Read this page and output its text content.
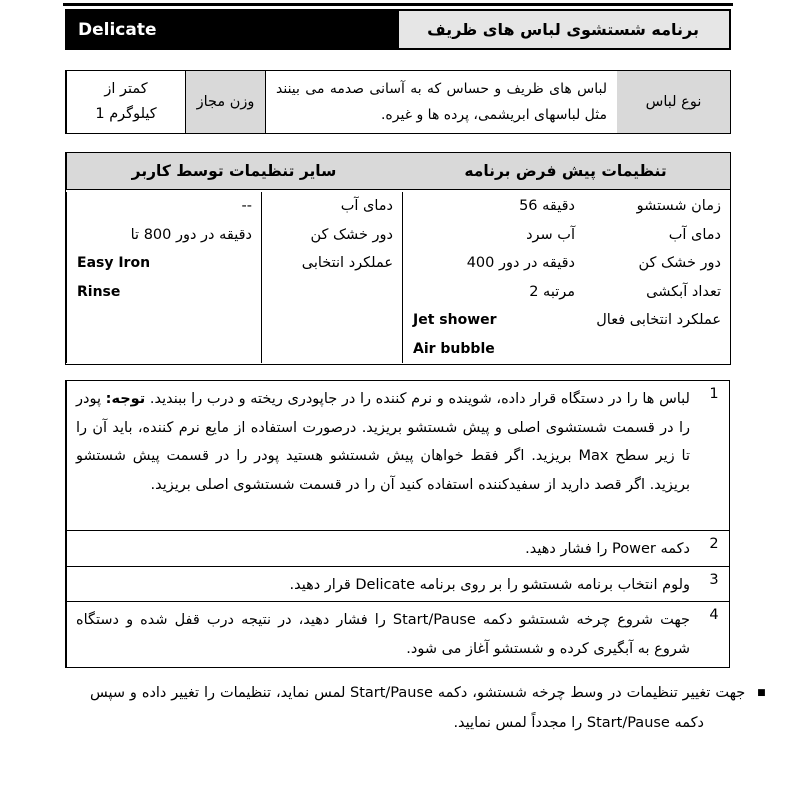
Delicate	برنامه شستشوی لباس های ظریف
نوع لباس
لباس های ظریف و حساس که به آسانی صدمه می بینند مثل لباسهای ابریشمی، پرده ها و غیره.
وزن مجاز
کمتر از
کیلوگرم 1
تنظیمات پیش فرض برنامه
سایر تنظیمات توسط کاربر
زمان شستشو
دمای آب
دور خشک کن
تعداد آبکشی
عملکرد انتخابی فعال
دقیقه 56
آب سرد
دقیقه در دور 400
مرتبه 2
Jet shower
Air bubble
دمای آب
دور خشک کن
عملکرد انتخابی
--
دقیقه در دور 800 تا
Easy Iron
Rinse
1
لباس ها را در دستگاه قرار داده، شوینده و نرم کننده را در جاپودری ریخته و درب را ببندید. توجه: پودر را در قسمت شستشوی اصلی و پیش شستشو بریزید. درصورت استفاده از مایع نرم کننده، باید آن را تا زیر سطح Max بریزید. اگر فقط خواهان پیش شستشو هستید پودر را در قسمت پیش شستشو بریزید. اگر قصد دارید از سفیدکننده استفاده کنید آن را در قسمت شستشوی اصلی بریزید.
2
دکمه Power را فشار دهید.
3
ولوم انتخاب برنامه شستشو را بر روی برنامه Delicate قرار دهید.
4
جهت شروع چرخه شستشو دکمه Start/Pause را فشار دهید، در نتیجه درب قفل شده و دستگاه شروع به آبگیری کرده و شستشو آغاز می شود.
■ جهت تغییر تنظیمات در وسط چرخه شستشو، دکمه Start/Pause لمس نماید، تنظیمات را تغییر داده و سپس دکمه Start/Pause را مجدداً لمس نمایید.
